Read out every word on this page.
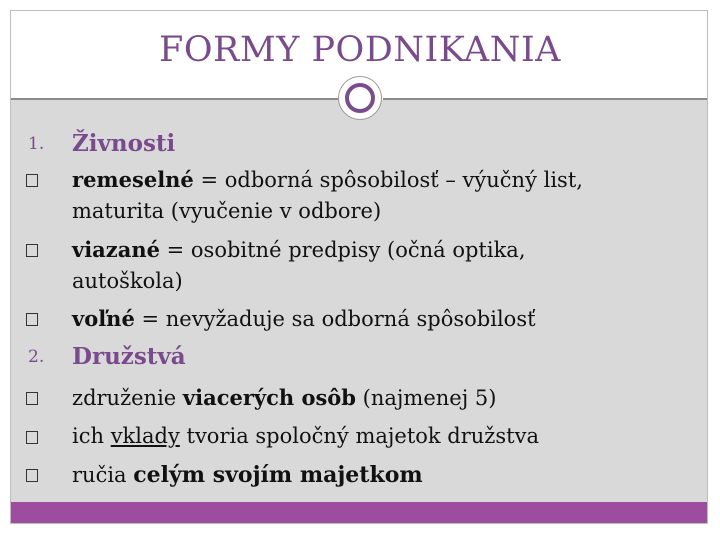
FORMY PODNIKANIA
1. Živnosti
remeselné = odborná spôsobilosť – výučný list,
maturita (vyučenie v odbore)
viazané = osobitné predpisy (očná optika,
autoškola)
voľné = nevyžaduje sa odborná spôsobilosť
2. Družstvá
združenie viacerých osôb (najmenej 5)
ich vklady tvoria spoločný majetok družstva
ručia celým svojím majetkom
